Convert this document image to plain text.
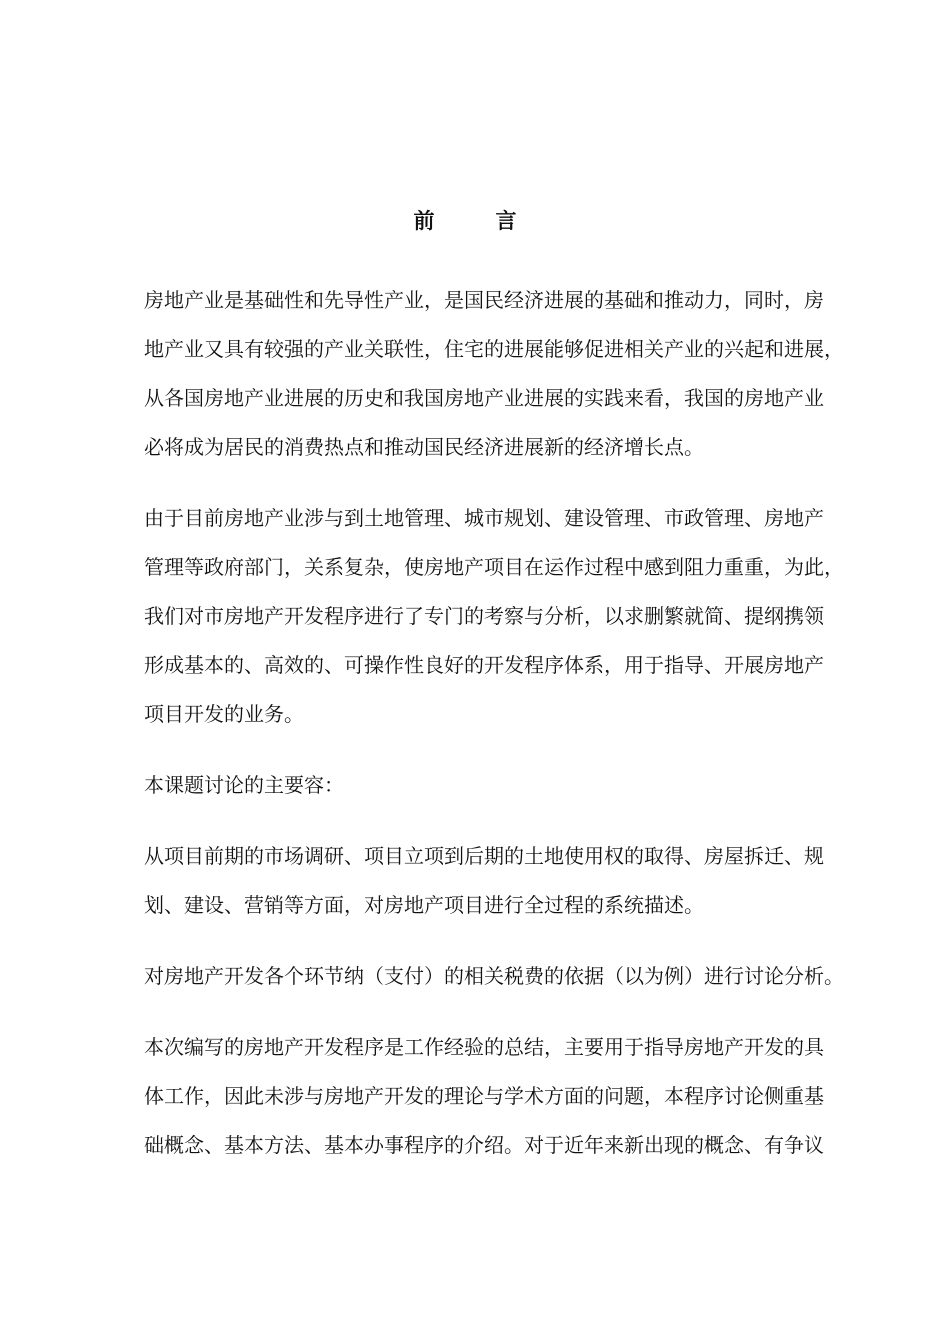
前　言
房地产业是基础性和先导性产业，是国民经济进展的基础和推动力，同时，房
地产业又具有较强的产业关联性，住宅的进展能够促进相关产业的兴起和进展，
从各国房地产业进展的历史和我国房地产业进展的实践来看，我国的房地产业
必将成为居民的消费热点和推动国民经济进展新的经济增长点。
由于目前房地产业涉与到土地管理、城市规划、建设管理、市政管理、房地产
管理等政府部门，关系复杂，使房地产项目在运作过程中感到阻力重重，为此，
我们对市房地产开发程序进行了专门的考察与分析，以求删繁就简、提纲携领
形成基本的、高效的、可操作性良好的开发程序体系，用于指导、开展房地产
项目开发的业务。
本课题讨论的主要容：
从项目前期的市场调研、项目立项到后期的土地使用权的取得、房屋拆迁、规
划、建设、营销等方面，对房地产项目进行全过程的系统描述。
对房地产开发各个环节纳（支付）的相关税费的依据（以为例）进行讨论分析。
本次编写的房地产开发程序是工作经验的总结，主要用于指导房地产开发的具
体工作，因此未涉与房地产开发的理论与学术方面的问题，本程序讨论侧重基
础概念、基本方法、基本办事程序的介绍。对于近年来新出现的概念、有争议
